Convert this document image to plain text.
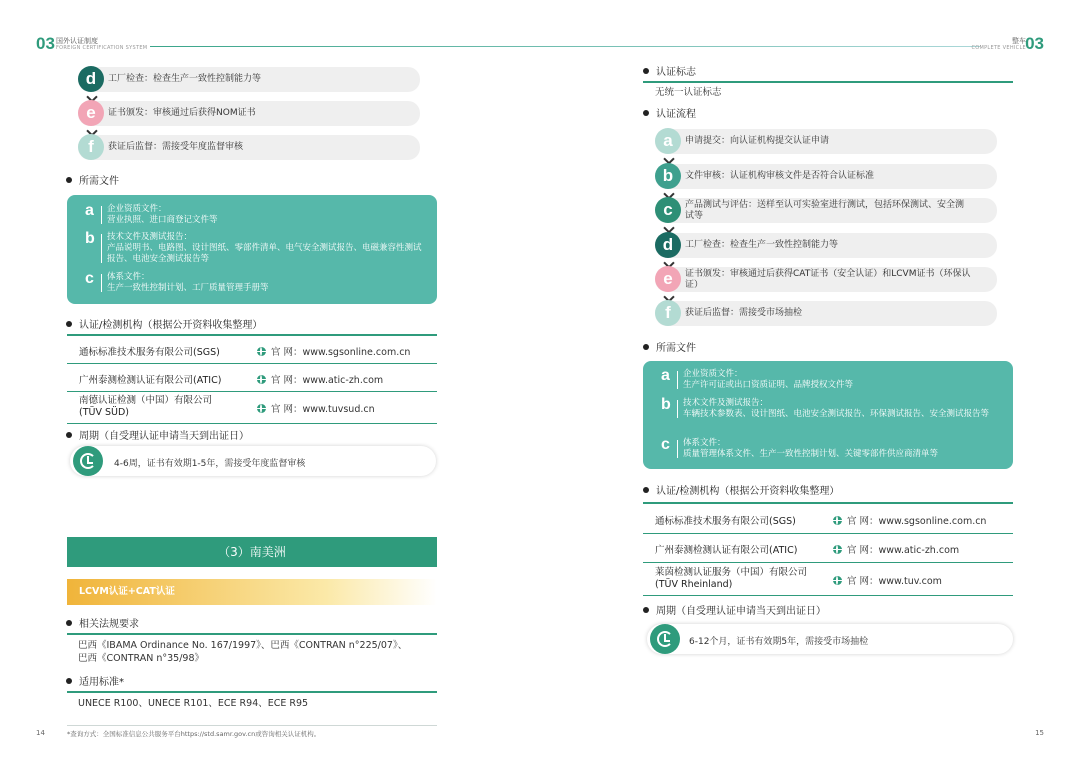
03 国外认证制度
FOREIGN CERTIFICATION SYSTEM
整车
COMPLETE VEHICLE 03
工厂检查：检查生产一致性控制能力等
d
证书颁发：审核通过后获得NOM证书
e
获证后监督：需接受年度监督审核
f
所需文件
a	企业资质文件：
营业执照、进口商登记文件等
b 技术文件及测试报告：
产品说明书、电路图、设计图纸、零部件清单、电气安全测试报告、电磁兼容性测试报告、电池安全测试报告等
c	体系文件：
生产一致性控制计划、工厂质量管理手册等
认证/检测机构（根据公开资料收集整理）
通标标准技术服务有限公司(SGS)	官 网：www.sgsonline.com.cn
广州泰测检测认证有限公司(ATIC)	官 网：www.atic-zh.com
南德认证检测（中国）有限公司
(TÜV SÜD)	官 网：www.tuvsud.cn
周期（自受理认证申请当天到出证日）
4-6周，证书有效期1-5年，需接受年度监督审核
（3）南美洲
LCVM认证+CAT认证
相关法规要求
巴西《IBAMA Ordinance No. 167/1997》、巴西《CONTRAN n°225/07》、
巴西《CONTRAN n°35/98》
适用标准*
UNECE R100、UNECE R101、ECE R94、ECE R95
14	*查询方式：全国标准信息公共服务平台https://std.samr.gov.cn或咨询相关认证机构。
认证标志
无统一认证标志
认证流程
申请提交：向认证机构提交认证申请
a
文件审核：认证机构审核文件是否符合认证标准
b
产品测试与评估：送样至认可实验室进行测试，包括环保测试、安全测
试等
c
工厂检查：检查生产一致性控制能力等
d
证书颁发：审核通过后获得CAT证书（安全认证）和LCVM证书（环保认
证）
e
获证后监督：需接受市场抽检
f
所需文件
a	企业资质文件：
生产许可证或出口资质证明、品牌授权文件等
b 技术文件及测试报告：
车辆技术参数表、设计图纸、电池安全测试报告、环保测试报告、安全测试报告等
c	体系文件：
质量管理体系文件、生产一致性控制计划、关键零部件供应商清单等
认证/检测机构（根据公开资料收集整理）
通标标准技术服务有限公司(SGS)	官 网：www.sgsonline.com.cn
广州泰测检测认证有限公司(ATIC)	官 网：www.atic-zh.com
莱茵检测认证服务（中国）有限公司
(TÜV Rheinland)	官 网：www.tuv.com
周期（自受理认证申请当天到出证日）
6-12个月，证书有效期5年，需接受市场抽检
15
